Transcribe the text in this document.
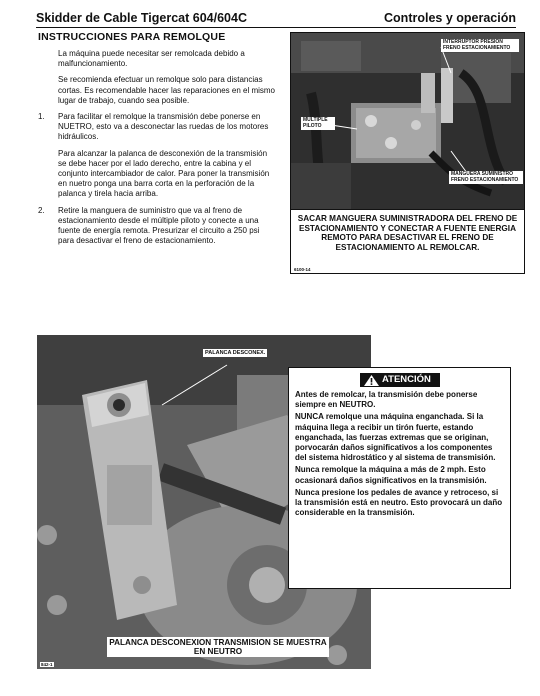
Skidder de Cable Tigercat 604/604C	Controles y operación
INSTRUCCIONES PARA REMOLQUE

La máquina puede necesitar ser remolcada debido a malfuncionamiento.

Se recomienda efectuar un remolque solo para distancias cortas. Es recomendable hacer las reparaciones en el mismo lugar de trabajo, cuando sea posible.

1. Para facilitar el remolque la transmisión debe ponerse en NUETRO, esto va a desconectar las ruedas de los motores hidráulicos.

Para alcanzar la palanca de desconexión de la transmisión se debe hacer por el lado derecho, entre la cabina y el conjunto intercambiador de calor. Para poner la transmisión en nuetro ponga una barra corta en la perforación de la palanca y tirela hacia arriba.

2. Retire la manguera de suministro que va al freno de estacionamiento desde el múltiple piloto y conecte a una fuente de energía remota. Presurizar el circuito a 250 psi para desactivar el freno de estacionamiento.

INTERRUPTOR PRESION FRENO ESTACIONAMIENTO
MULTIPLE PILOTO
MANGUERA SUMINISTRO FRENO ESTACIONAMIENTO
SACAR MANGUERA SUMINISTRADORA DEL FRENO DE ESTACIONAMIENTO Y CONECTAR A FUENTE ENERGIA REMOTO PARA DESACTIVAR EL FRENO DE ESTACIONAMIENTO AL REMOLCAR.
6100-14
PALANCA DESCONEX.
PALANCA DESCONEXION TRANSMISION SE MUESTRA EN NEUTRO
842-1
ATENCIÓN

Antes de remolcar, la transmisión debe ponerse siempre en NEUTRO.

NUNCA remolque una máquina enganchada. Si la máquina llega a recibir un tirón fuerte, estando enganchada, las fuerzas extremas que se originan, porvocarán daños significativos a los componentes del sistema hidrostático y al sistema de transmisión.

Nunca remolque la máquina a más de 2 mph. Esto ocasionará daños significativos en la transmisión.

Nunca presione los pedales de avance y retroceso, si la transmisión está en neutro. Esto provocará un daño considerable en la transmisión.
